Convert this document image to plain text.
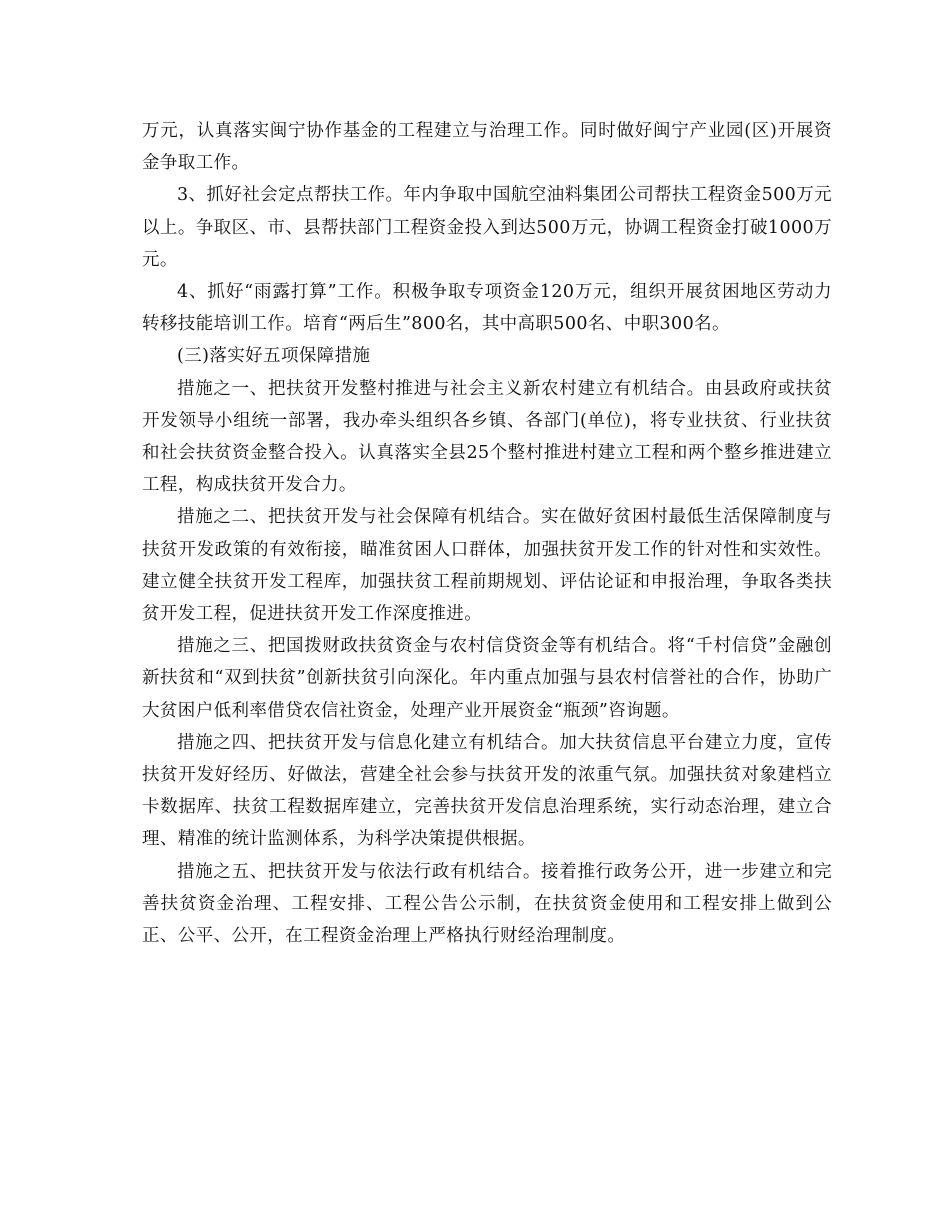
万元，认真落实闽宁协作基金的工程建立与治理工作。同时做好闽宁产业园(区)开展资金争取工作。

3、抓好社会定点帮扶工作。年内争取中国航空油料集团公司帮扶工程资金500万元以上。争取区、市、县帮扶部门工程资金投入到达500万元，协调工程资金打破1000万元。

4、抓好“雨露打算”工作。积极争取专项资金120万元，组织开展贫困地区劳动力转移技能培训工作。培育“两后生”800名，其中高职500名、中职300名。

(三)落实好五项保障措施

措施之一、把扶贫开发整村推进与社会主义新农村建立有机结合。由县政府或扶贫开发领导小组统一部署，我办牵头组织各乡镇、各部门(单位)，将专业扶贫、行业扶贫和社会扶贫资金整合投入。认真落实全县25个整村推进村建立工程和两个整乡推进建立工程，构成扶贫开发合力。

措施之二、把扶贫开发与社会保障有机结合。实在做好贫困村最低生活保障制度与扶贫开发政策的有效衔接，瞄准贫困人口群体，加强扶贫开发工作的针对性和实效性。建立健全扶贫开发工程库，加强扶贫工程前期规划、评估论证和申报治理，争取各类扶贫开发工程，促进扶贫开发工作深度推进。

措施之三、把国拨财政扶贫资金与农村信贷资金等有机结合。将“千村信贷”金融创新扶贫和“双到扶贫”创新扶贫引向深化。年内重点加强与县农村信誉社的合作，协助广大贫困户低利率借贷农信社资金，处理产业开展资金“瓶颈”咨询题。

措施之四、把扶贫开发与信息化建立有机结合。加大扶贫信息平台建立力度，宣传扶贫开发好经历、好做法，营建全社会参与扶贫开发的浓重气氛。加强扶贫对象建档立卡数据库、扶贫工程数据库建立，完善扶贫开发信息治理系统，实行动态治理，建立合理、精准的统计监测体系，为科学决策提供根据。

措施之五、把扶贫开发与依法行政有机结合。接着推行政务公开，进一步建立和完善扶贫资金治理、工程安排、工程公告公示制，在扶贫资金使用和工程安排上做到公正、公平、公开，在工程资金治理上严格执行财经治理制度。
